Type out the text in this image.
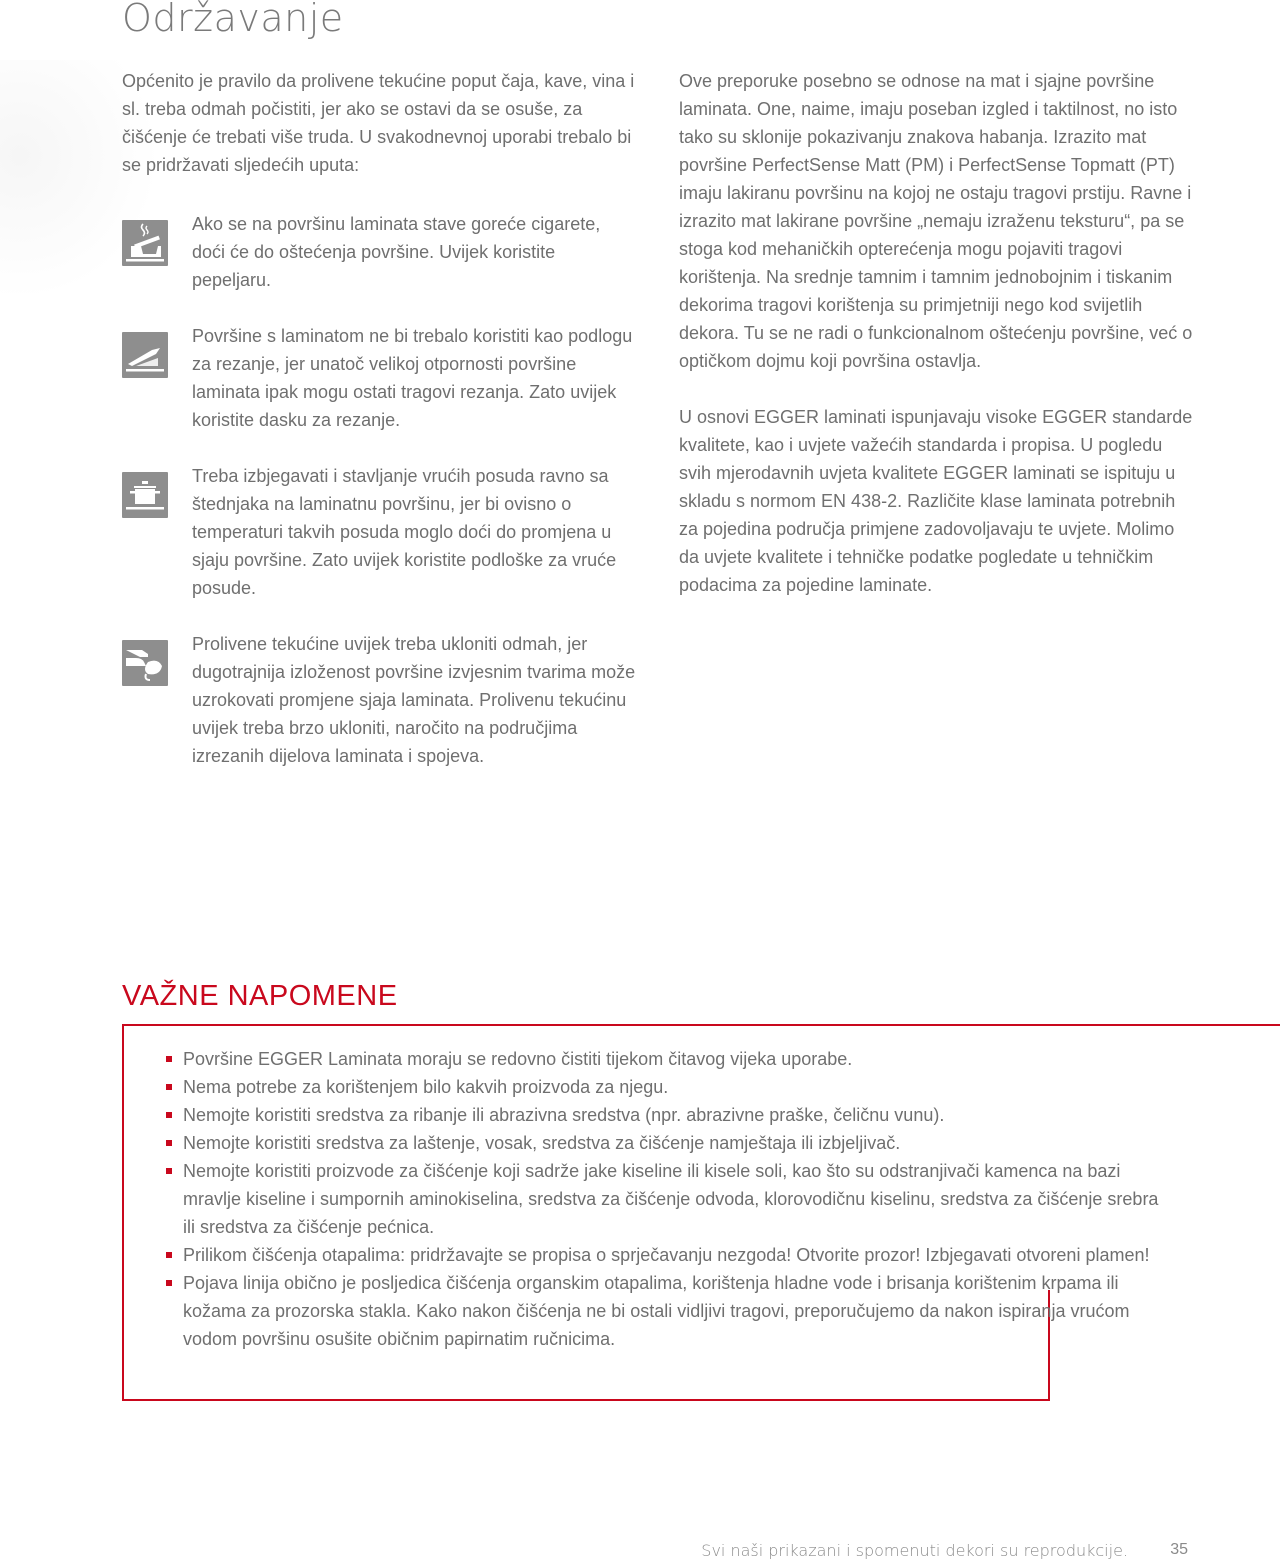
Održavanje

Općenito je pravilo da prolivene tekućine poput čaja, kave, vina i sl. treba odmah počistiti, jer ako se ostavi da se osuše, za čišćenje će trebati više truda. U svakodnevnoj uporabi trebalo bi se pridržavati sljedećih uputa:

Ako se na površinu laminata stave goreće cigarete, doći će do oštećenja površine. Uvijek koristite pepeljaru.

Površine s laminatom ne bi trebalo koristiti kao podlogu za rezanje, jer unatoč velikoj otpornosti površine laminata ipak mogu ostati tragovi rezanja. Zato uvijek koristite dasku za rezanje.

Treba izbjegavati i stavljanje vrućih posuda ravno sa štednjaka na laminatnu površinu, jer bi ovisno o temperaturi takvih posuda moglo doći do promjena u sjaju površine. Zato uvijek koristite podloške za vruće posude.

Prolivene tekućine uvijek treba ukloniti odmah, jer dugotrajnija izloženost površine izvjesnim tvarima može uzrokovati promjene sjaja laminata. Prolivenu tekućinu uvijek treba brzo ukloniti, naročito na područjima izrezanih dijelova laminata i spojeva.

Ove preporuke posebno se odnose na mat i sjajne površine laminata. One, naime, imaju poseban izgled i taktilnost, no isto tako su sklonije pokazivanju znakova habanja. Izrazito mat površine PerfectSense Matt (PM) i PerfectSense Topmatt (PT) imaju lakiranu površinu na kojoj ne ostaju tragovi prstiju. Ravne i izrazito mat lakirane površine „nemaju izraženu teksturu“, pa se stoga kod mehaničkih opterećenja mogu pojaviti tragovi korištenja. Na srednje tamnim i tamnim jednobojnim i tiskanim dekorima tragovi korištenja su primjetniji nego kod svijetlih dekora. Tu se ne radi o funkcionalnom oštećenju površine, već o optičkom dojmu koji površina ostavlja.

U osnovi EGGER laminati ispunjavaju visoke EGGER standarde kvalitete, kao i uvjete važećih standarda i propisa. U pogledu svih mjerodavnih uvjeta kvalitete EGGER laminati se ispituju u skladu s normom EN 438-2. Različite klase laminata potrebnih za pojedina područja primjene zadovoljavaju te uvjete. Molimo da uvjete kvalitete i tehničke podatke pogledate u tehničkim podacima za pojedine laminate.

VAŽNE NAPOMENE
Površine EGGER Laminata moraju se redovno čistiti tijekom čitavog vijeka uporabe.
Nema potrebe za korištenjem bilo kakvih proizvoda za njegu.
Nemojte koristiti sredstva za ribanje ili abrazivna sredstva (npr. abrazivne praške, čeličnu vunu).
Nemojte koristiti sredstva za laštenje, vosak, sredstva za čišćenje namještaja ili izbjeljivač.
Nemojte koristiti proizvode za čišćenje koji sadrže jake kiseline ili kisele soli, kao što su odstranjivači kamenca na bazi mravlje kiseline i sumpornih aminokiselina, sredstva za čišćenje odvoda, klorovodičnu kiselinu, sredstva za čišćenje srebra ili sredstva za čišćenje pećnica.
Prilikom čišćenja otapalima: pridržavajte se propisa o sprječavanju nezgoda! Otvorite prozor! Izbjegavati otvoreni plamen!
Pojava linija obično je posljedica čišćenja organskim otapalima, korištenja hladne vode i brisanja korištenim krpama ili kožama za prozorska stakla. Kako nakon čišćenja ne bi ostali vidljivi tragovi, preporučujemo da nakon ispiranja vrućom vodom površinu osušite običnim papirnatim ručnicima.
Svi naši prikazani i spomenuti dekori su reprodukcije.	35
